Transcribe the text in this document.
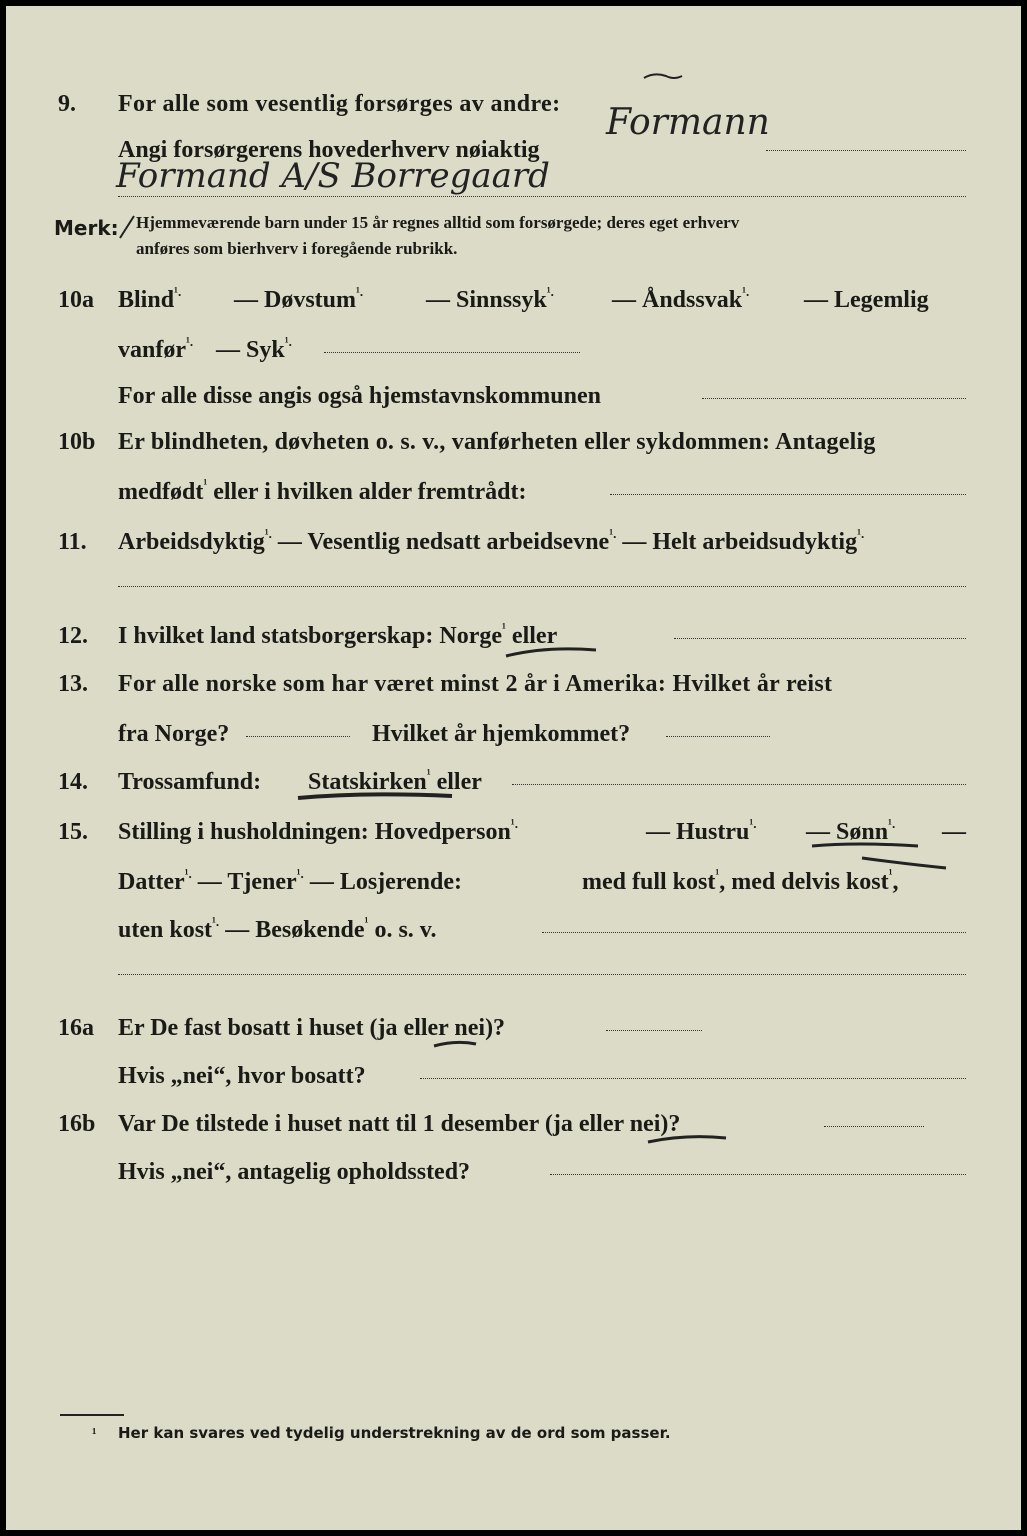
9. For alle som vesentlig forsørges av andre:
Angi forsørgerens hovederhverv nøiaktig
Formann
Formand A/S Borregaard
Merk: Hjemmeværende barn under 15 år regnes alltid som forsørgede; deres eget erhverv
anføres som bierhverv i foregående rubrikk.
10a Blind$^{^1.}$ — Døvstum$^{^1.}$	— Sinnssyk$^{^1.}$ — Åndssvak$^{^1.}$ — Legemlig
vanfør$^{^1.}$ — Syk$^{^1.}$
For alle disse angis også hjemstavnskommunen
10b Er blindheten, døvheten o. s. v., vanførheten eller sykdommen: Antagelig
medfødt$^{^1}$ eller i hvilken alder fremtrådt:
11. Arbeidsdyktig$^{^1.}$ — Vesentlig nedsatt arbeidsevne$^{^1.}$ — Helt arbeidsudyktig$^{^1.}$
12. I hvilket land statsborgerskap: Norge$^{^1}$ eller
13. For alle norske som har været minst 2 år i Amerika: Hvilket år reist
fra Norge?	Hvilket år hjemkommet?
14. Trossamfund: Statskirken$^{^1}$ eller
15. Stilling i husholdningen: Hovedperson$^{^1.}$	— Hustru$^{^1.}$ — Sønn$^{^1.}$ —
Datter$^{^1.}$ — Tjener$^{^1.}$ — Losjerende:	med full kost$^{^1}$, med delvis kost$^{^1}$,
uten kost$^{^1.}$ — Besøkende$^{^1}$ o. s. v.
16a Er De fast bosatt i huset (ja eller nei)?
Hvis „nei“, hvor bosatt?
16b Var De tilstede i huset natt til 1 desember (ja eller nei)?
Hvis „nei“, antagelig opholdssted?
¹ Her kan svares ved tydelig understrekning av de ord som passer.
